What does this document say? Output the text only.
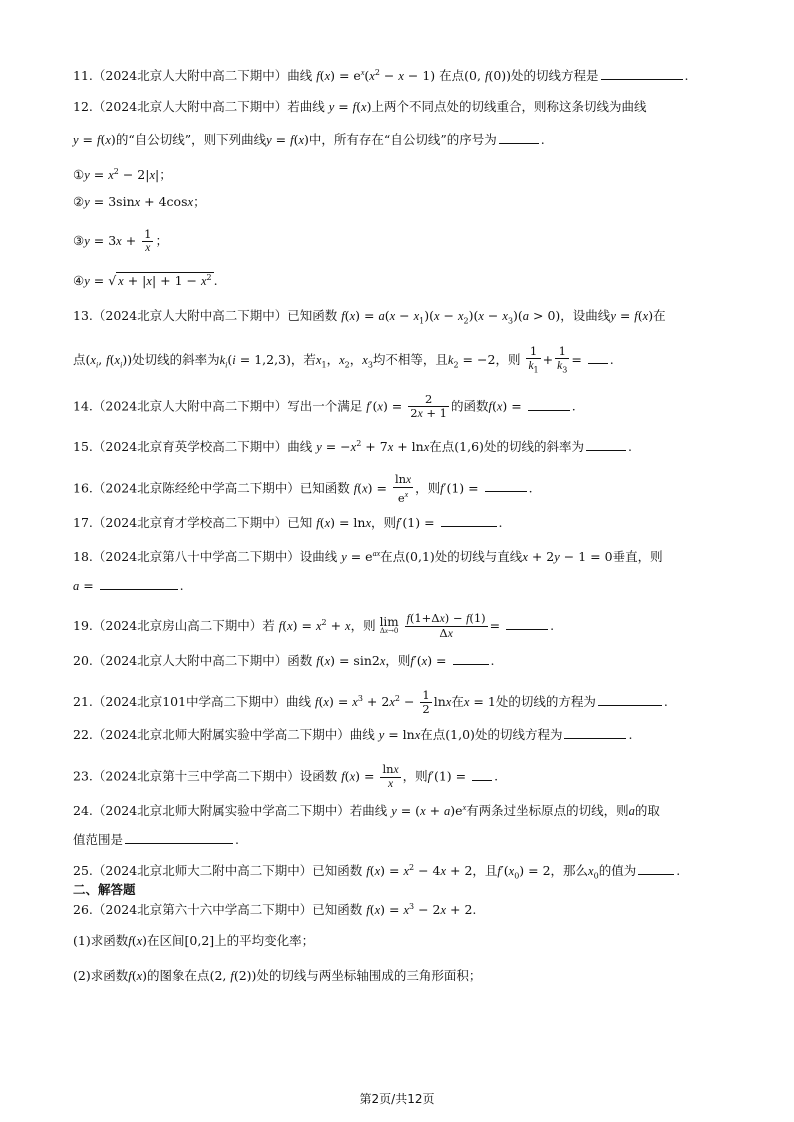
11.（2024北京人大附中高二下期中）曲线 $f(x) = e^x(x^2 - x - 1)$ 在点(0, f(0))处的切线方程是	.
12.（2024北京人大附中高二下期中）若曲线 y = f(x)上两个不同点处的切线重合，则称这条切线为曲线
y = f(x)的“自公切线”，则下列曲线y = f(x)中，所有存在“自公切线”的序号为	.
①y = $x^2 - 2|x|$；
②y = 3sinx + 4cosx；
③y = $3x + \frac{1}{x}$ ；
④y = √ $x + |x| + 1 - x^2$ .
13.（2024北京人大附中高二下期中）已知函数 $f(x) = a(x - x_1)(x - x_2)(x - x_3)(a > 0)$，设曲线y = f(x)在
点($x_i$, $f(x_i)$)处切线的斜率为$k_i(i = 1,2,3)$，若$x_1$，$x_2$，$x_3$均不相等，且$k_2 = -2$，则 $\frac{1}{k_1} + \frac{1}{k_3}$ = .
14.（2024北京人大附中高二下期中）写出一个满足 $f'(x) = \frac{2}{2x + 1}$ 的函数f(x) =	.
15.（2024北京育英学校高二下期中）曲线 $y = -x^2 + 7x + \ln x$在点(1,6)处的切线的斜率为	.
16.（2024北京陈经纶中学高二下期中）已知函数 $f(x) = \frac{\ln x}{e^x}$ ，则f′(1) =	.
17.（2024北京育才学校高二下期中）已知 f(x) = lnx，则f′(1) =	.
18.（2024北京第八十中学高二下期中）设曲线 $y = e^{ax}$在点(0,1)处的切线与直线x + 2y − 1 = 0垂直，则
a =	.
19.（2024北京房山高二下期中）若 $f(x) = x^2 + x$，则 lim
Δx→0
$\frac{f(1+\Delta x) - f(1)}{\Delta x}$ =	.
20.（2024北京人大附中高二下期中）函数 f(x) = sin2x，则f′(x) =	.
21.（2024北京101中学高二下期中）曲线 $f(x) = x^3 + 2x^2 - \frac{1}{2}$ lnx在x = 1处的切线的方程为	.
22.（2024北京北师大附属实验中学高二下期中）曲线 y = lnx在点(1,0)处的切线方程为	.
23.（2024北京第十三中学高二下期中）设函数 $f(x) = \frac{\ln x}{x}$ ，则f′(1) = .
24.（2024北京北师大附属实验中学高二下期中）若曲线 $y = (x + a)e^x$有两条过坐标原点的切线，则a的取
值范围是	.
25.（2024北京北师大二附中高二下期中）已知函数 $f(x) = x^2 - 4x + 2$，且$f'(x_0) = 2$，那么$x_0$的值为	.
二、解答题
26.（2024北京第六十六中学高二下期中）已知函数 $f(x) = x^3 - 2x + 2$.
(1)求函数f(x)在区间[0,2]上的平均变化率；
(2)求函数f(x)的图象在点(2, f(2))处的切线与两坐标轴围成的三角形面积；
第2页/共12页
